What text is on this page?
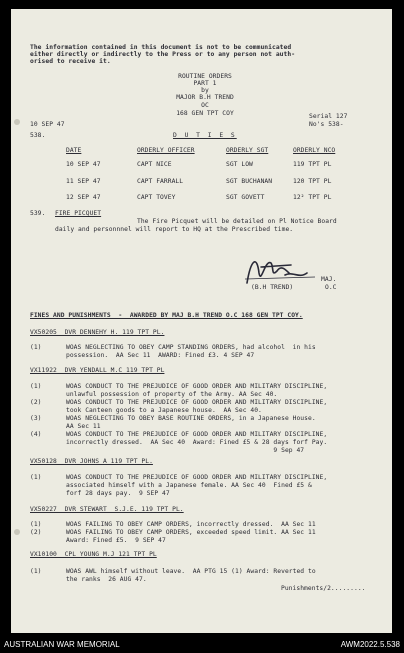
The information contained in this document is not to be communicated
either directly or indirectly to the Press or to any person not auth-
orised to receive it.
ROUTINE ORDERS
PART 1
by
MAJOR B.H TREND
OC
168 GEN TPT COY
10 SEP 47
Serial 127
No's 538-
538.	D U T I E S
DATE	ORDERLY OFFICER	ORDERLY SGT	ORDERLY NCO
10 SEP 47	CAPT NICE	SGT LOW	119 TPT PL
11 SEP 47	CAPT FARRALL	SGT BUCHANAN	120 TPT PL
12 SEP 47	CAPT TOVEY	SGT GOVETT	12² TPT PL
539. FIRE PICQUET
The Fire Picquet will be detailed on Pl Notice Board
daily and personnnel will report to HQ at the Prescribed time.
MAJ.
(B.H TREND)	O.C
FINES AND PUNISHMENTS  -  AWARDED BY MAJ B.H TREND O.C 168 GEN TPT COY.
VX50205  DVR DENNEHY H. 119 TPT PL.
(1)	WOAS NEGLECTING TO OBEY CAMP STANDING ORDERS, had alcohol  in his
possession.  AA Sec 11  AWARD: Fined £3. 4 SEP 47
VX11922  DVR YENDALL M.C 119 TPT PL
(1)	WOAS CONDUCT TO THE PREJUDICE OF GOOD ORDER AND MILITARY DISCIPLINE,
unlawful possession of property of the Army. AA Sec 40.
(2)	WOAS CONDUCT TO THE PREJUDICE OF GOOD ORDER AND MILITARY DISCIPLINE,
took Canteen goods to a Japanese house.  AA Sec 40.
(3)	WOAS NEGLECTING TO OBEY BASE ROUTINE ORDERS, in a Japanese House.
AA Sec 11
(4)	WOAS CONDUCT TO THE PREJUDICE OF GOOD ORDER AND MILITARY DISCIPLINE,
incorrectly dressed.  AA Sec 40  Award: Fined £5 & 28 days forf Pay.
9 Sep 47
VX50128  DVR JOHNS A 119 TPT PL.
(1)	WOAS CONDUCT TO THE PREJUDICE OF GOOD ORDER AND MILITARY DISCIPLINE,
associated himself with a Japanese female. AA Sec 40  Fined £5 &
forf 28 days pay.  9 SEP 47
VX50227  DVR STEWART  S.J.E. 119 TPT PL.
(1)	WOAS FAILING TO OBEY CAMP ORDERS, incorrectly dressed.  AA Sec 11
(2)	WOAS FAILING TO OBEY CAMP ORDERS, exceeded speed limit. AA Sec 11
Award: Fined £5.  9 SEP 47
VX10100  CPL YOUNG M.J 121 TPT PL
(1)	WOAS AWL himself without leave.  AA PTG 15 (1) Award: Reverted to
the ranks  26 AUG 47.
Punishments/2.........
AUSTRALIAN WAR MEMORIAL	AWM2022.5.538
